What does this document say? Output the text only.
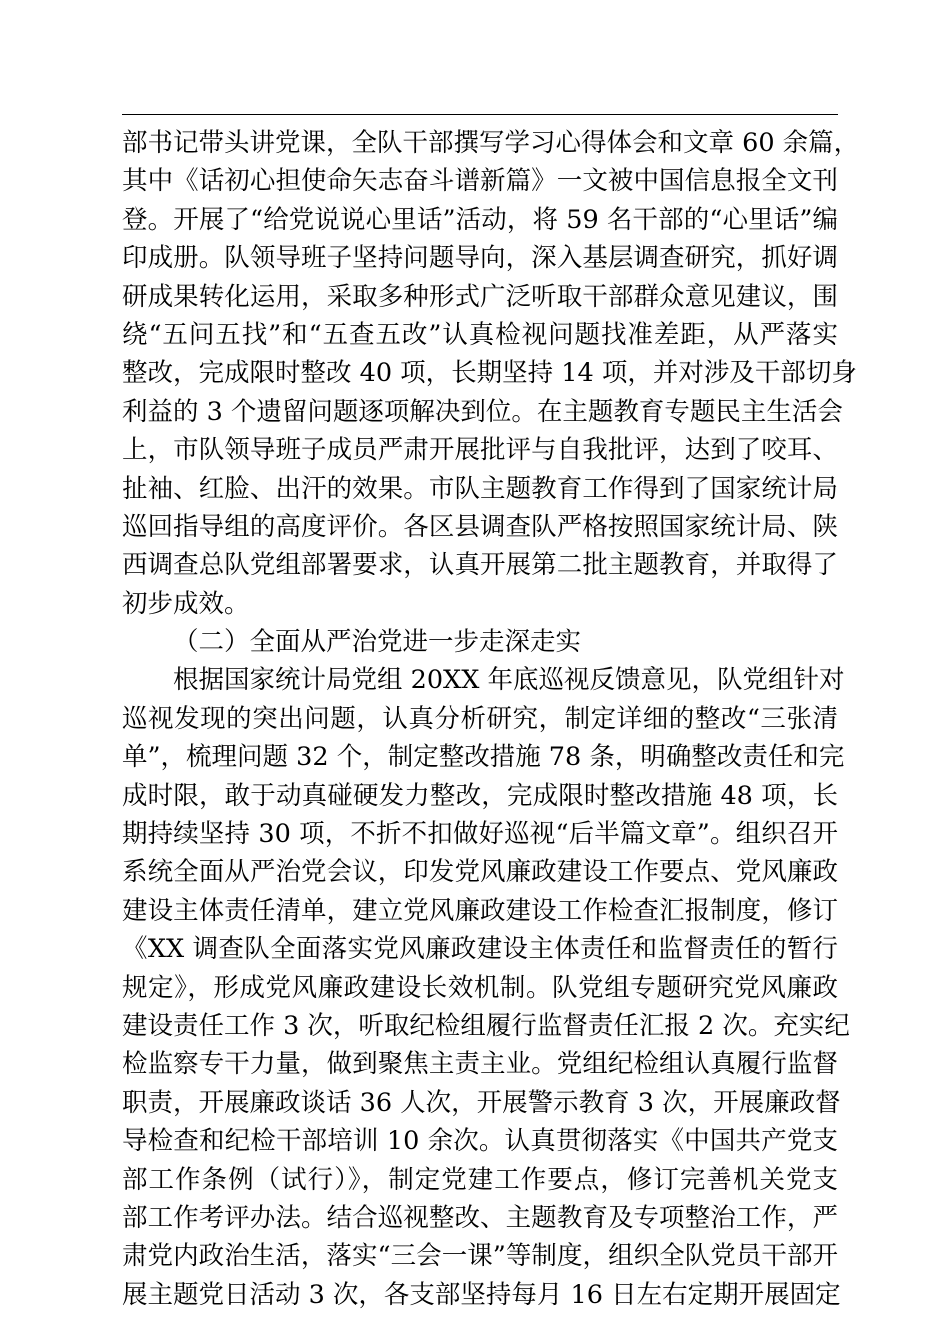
部书记带头讲党课，全队干部撰写学习心得体会和文章 60 余篇，
其中《话初心担使命矢志奋斗谱新篇》一文被中国信息报全文刊
登。开展了“给党说说心里话”活动，将 59 名干部的“心里话”编
印成册。队领导班子坚持问题导向，深入基层调查研究，抓好调
研成果转化运用，采取多种形式广泛听取干部群众意见建议，围
绕“五问五找”和“五查五改”认真检视问题找准差距，从严落实
整改，完成限时整改 40 项，长期坚持 14 项，并对涉及干部切身
利益的 3 个遗留问题逐项解决到位。在主题教育专题民主生活会
上，市队领导班子成员严肃开展批评与自我批评，达到了咬耳、
扯袖、红脸、出汗的效果。市队主题教育工作得到了国家统计局
巡回指导组的高度评价。各区县调查队严格按照国家统计局、陕
西调查总队党组部署要求，认真开展第二批主题教育，并取得了
初步成效。
（二）全面从严治党进一步走深走实
根据国家统计局党组 20XX 年底巡视反馈意见，队党组针对
巡视发现的突出问题，认真分析研究，制定详细的整改“三张清
单”，梳理问题 32 个，制定整改措施 78 条，明确整改责任和完
成时限，敢于动真碰硬发力整改，完成限时整改措施 48 项，长
期持续坚持 30 项，不折不扣做好巡视“后半篇文章”。组织召开
系统全面从严治党会议，印发党风廉政建设工作要点、党风廉政
建设主体责任清单，建立党风廉政建设工作检查汇报制度，修订
《XX 调查队全面落实党风廉政建设主体责任和监督责任的暂行
规定》，形成党风廉政建设长效机制。队党组专题研究党风廉政
建设责任工作 3 次，听取纪检组履行监督责任汇报 2 次。充实纪
检监察专干力量，做到聚焦主责主业。党组纪检组认真履行监督
职责，开展廉政谈话 36 人次，开展警示教育 3 次，开展廉政督
导检查和纪检干部培训 10 余次。认真贯彻落实《中国共产党支
部工作条例（试行）》，制定党建工作要点，修订完善机关党支
部工作考评办法。结合巡视整改、主题教育及专项整治工作，严
肃党内政治生活，落实“三会一课”等制度，组织全队党员干部开
展主题党日活动 3 次，各支部坚持每月 16 日左右定期开展固定
